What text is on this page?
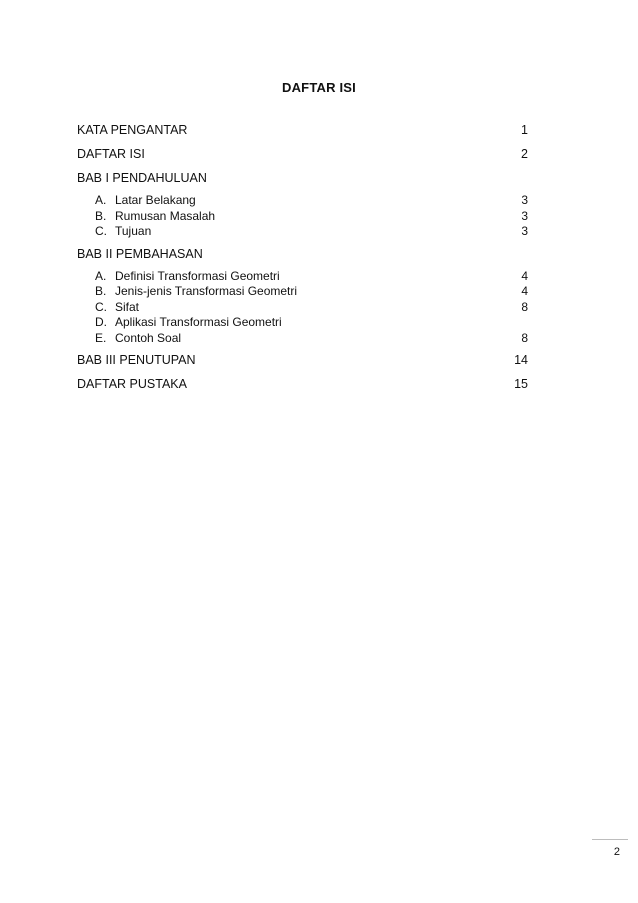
DAFTAR ISI
KATA PENGANTAR	1
DAFTAR ISI	2
BAB I PENDAHULUAN
A. Latar Belakang	3
B. Rumusan Masalah	3
C. Tujuan	3
BAB II PEMBAHASAN
A. Definisi Transformasi Geometri	4
B. Jenis-jenis Transformasi Geometri	4
C. Sifat	8
D. Aplikasi Transformasi Geometri
E. Contoh Soal	8
BAB III PENUTUPAN	14
DAFTAR PUSTAKA	15
2
